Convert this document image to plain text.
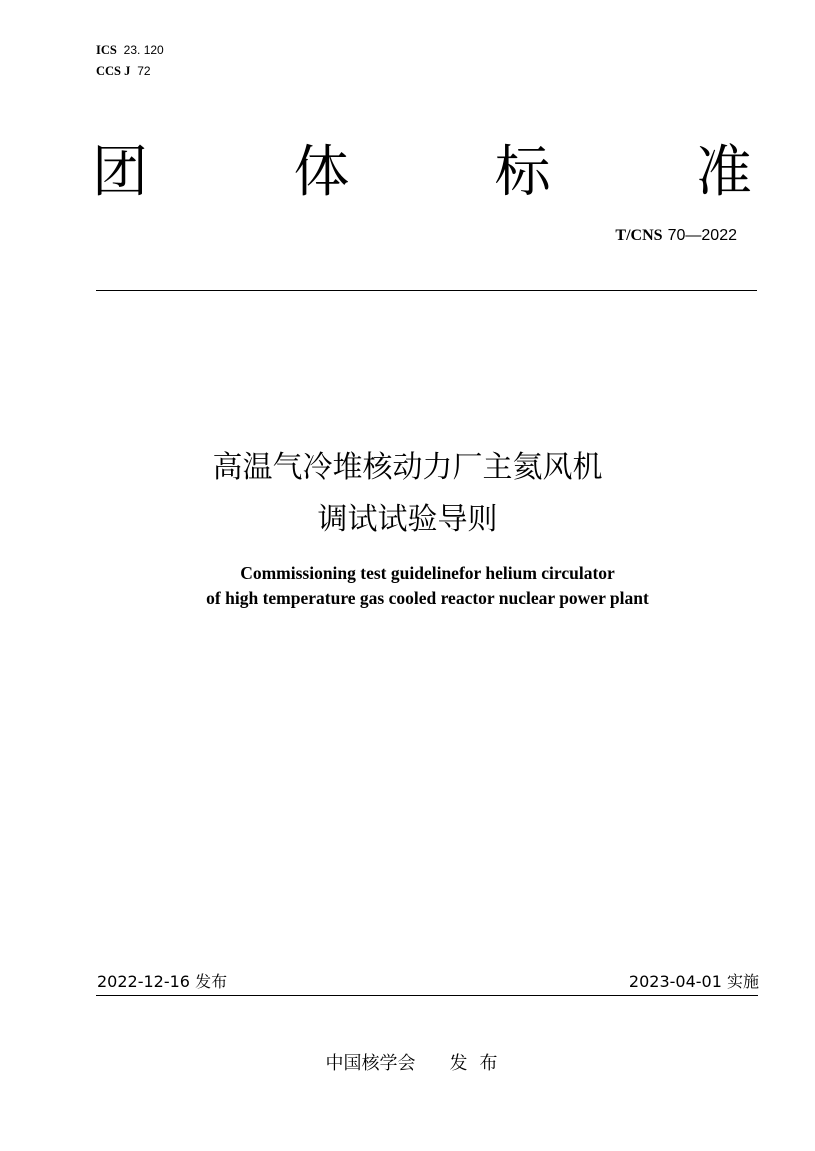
ICS 23. 120
CCS J 72
团	体	标	准
T/CNS 70—2022
高温气冷堆核动力厂主氦风机
调试试验导则
Commissioning test guidelinefor helium circulator
of high temperature gas cooled reactor nuclear power plant
2022-12-16 发布	2023-04-01 实施
中国核学会 发布
